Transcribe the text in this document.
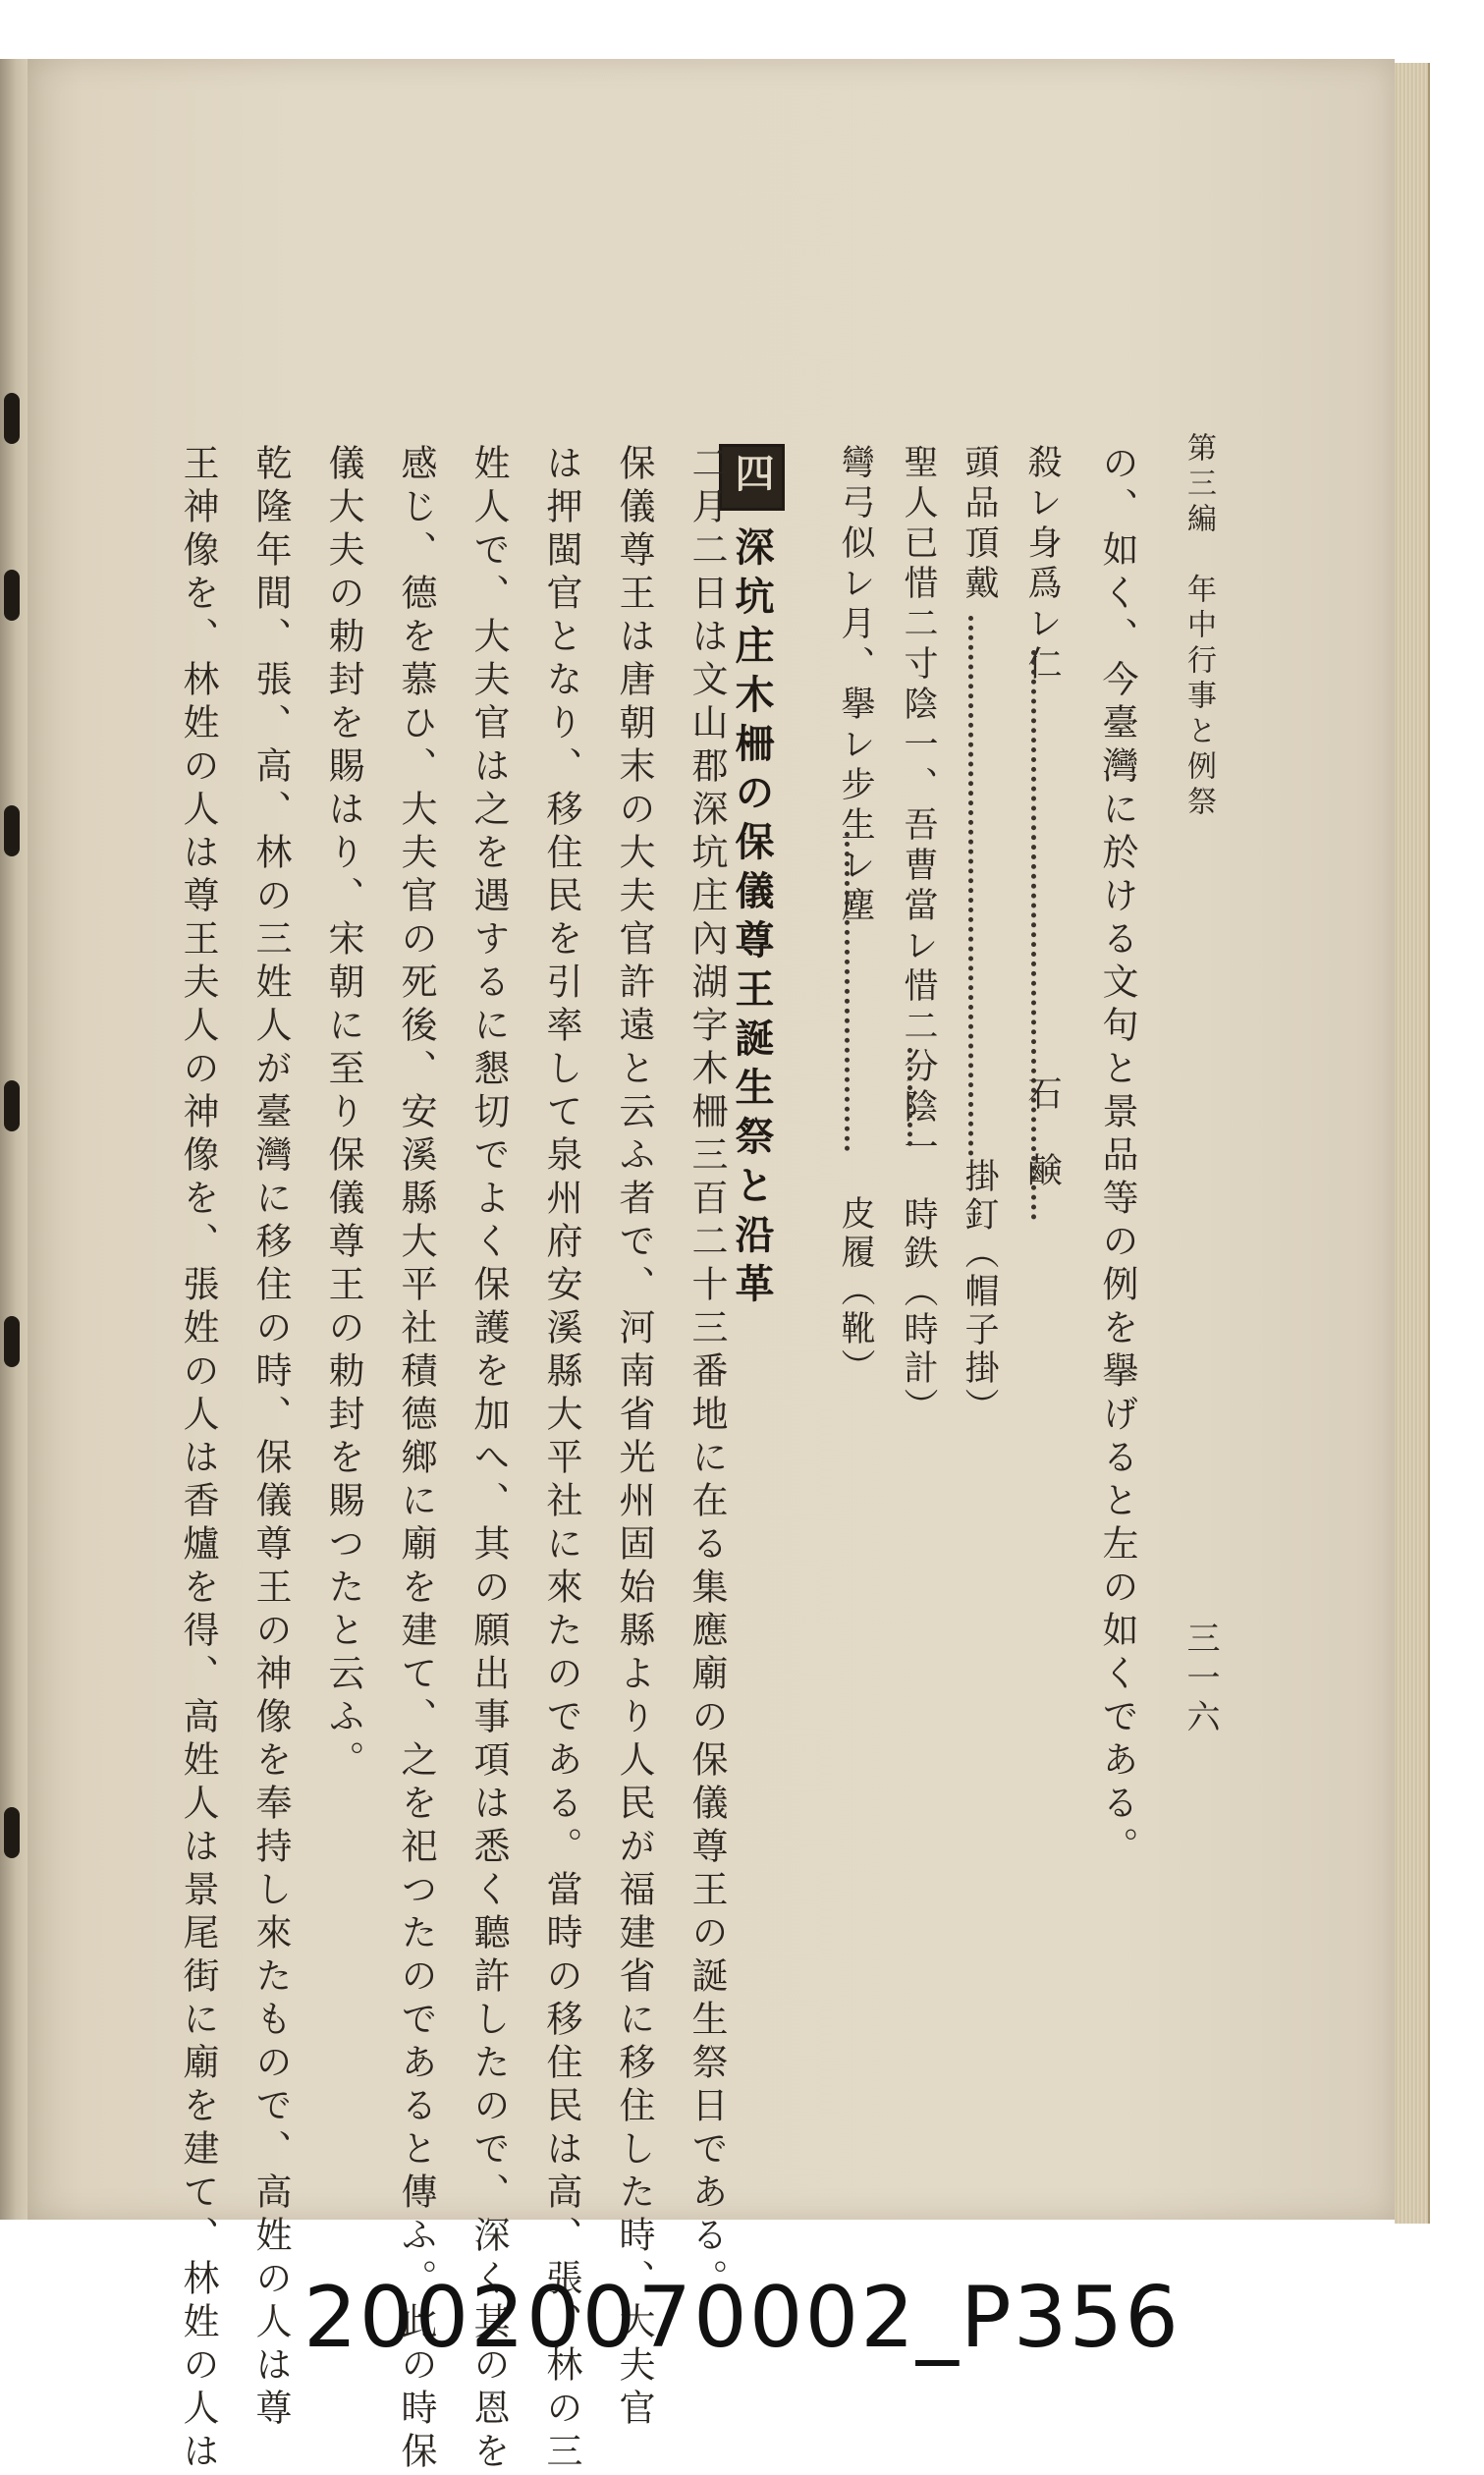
第三編　年中行事と例祭
三一六
の、如く、今臺灣に於ける文句と景品等の例を擧げると左の如くである。
殺レ身爲レ仁
石　鹸
頭品頂戴
掛釘（帽子掛）
聖人已惜二寸陰一、吾曹當レ惜二分陰一
時鉄（時計）
彎弓似レ月、擧レ步生レ塵
皮履（靴）
四深坑庄木柵の保儀尊王誕生祭と沿革
二月二日は文山郡深坑庄內湖字木柵三百二十三番地に在る集應廟の保儀尊王の誕生祭日である。
保儀尊王は唐朝末の大夫官許遠と云ふ者で、河南省光州固始縣より人民が福建省に移住した時、大夫官
は押閩官となり、移住民を引率して泉州府安溪縣大平社に來たのである。當時の移住民は高、張、林の三
姓人で、大夫官は之を遇するに懇切でよく保護を加へ、其の願出事項は悉く聽許したので、深く其の恩を
感じ、德を慕ひ、大夫官の死後、安溪縣大平社積德鄉に廟を建て、之を祀つたのであると傳ふ。此の時保
儀大夫の勅封を賜はり、宋朝に至り保儀尊王の勅封を賜つたと云ふ。
乾隆年間、張、高、林の三姓人が臺灣に移住の時、保儀尊王の神像を奉持し來たもので、高姓の人は尊
王神像を、林姓の人は尊王夫人の神像を、張姓の人は香爐を得、高姓人は景尾街に廟を建て、林姓の人は	20020070002_P356
